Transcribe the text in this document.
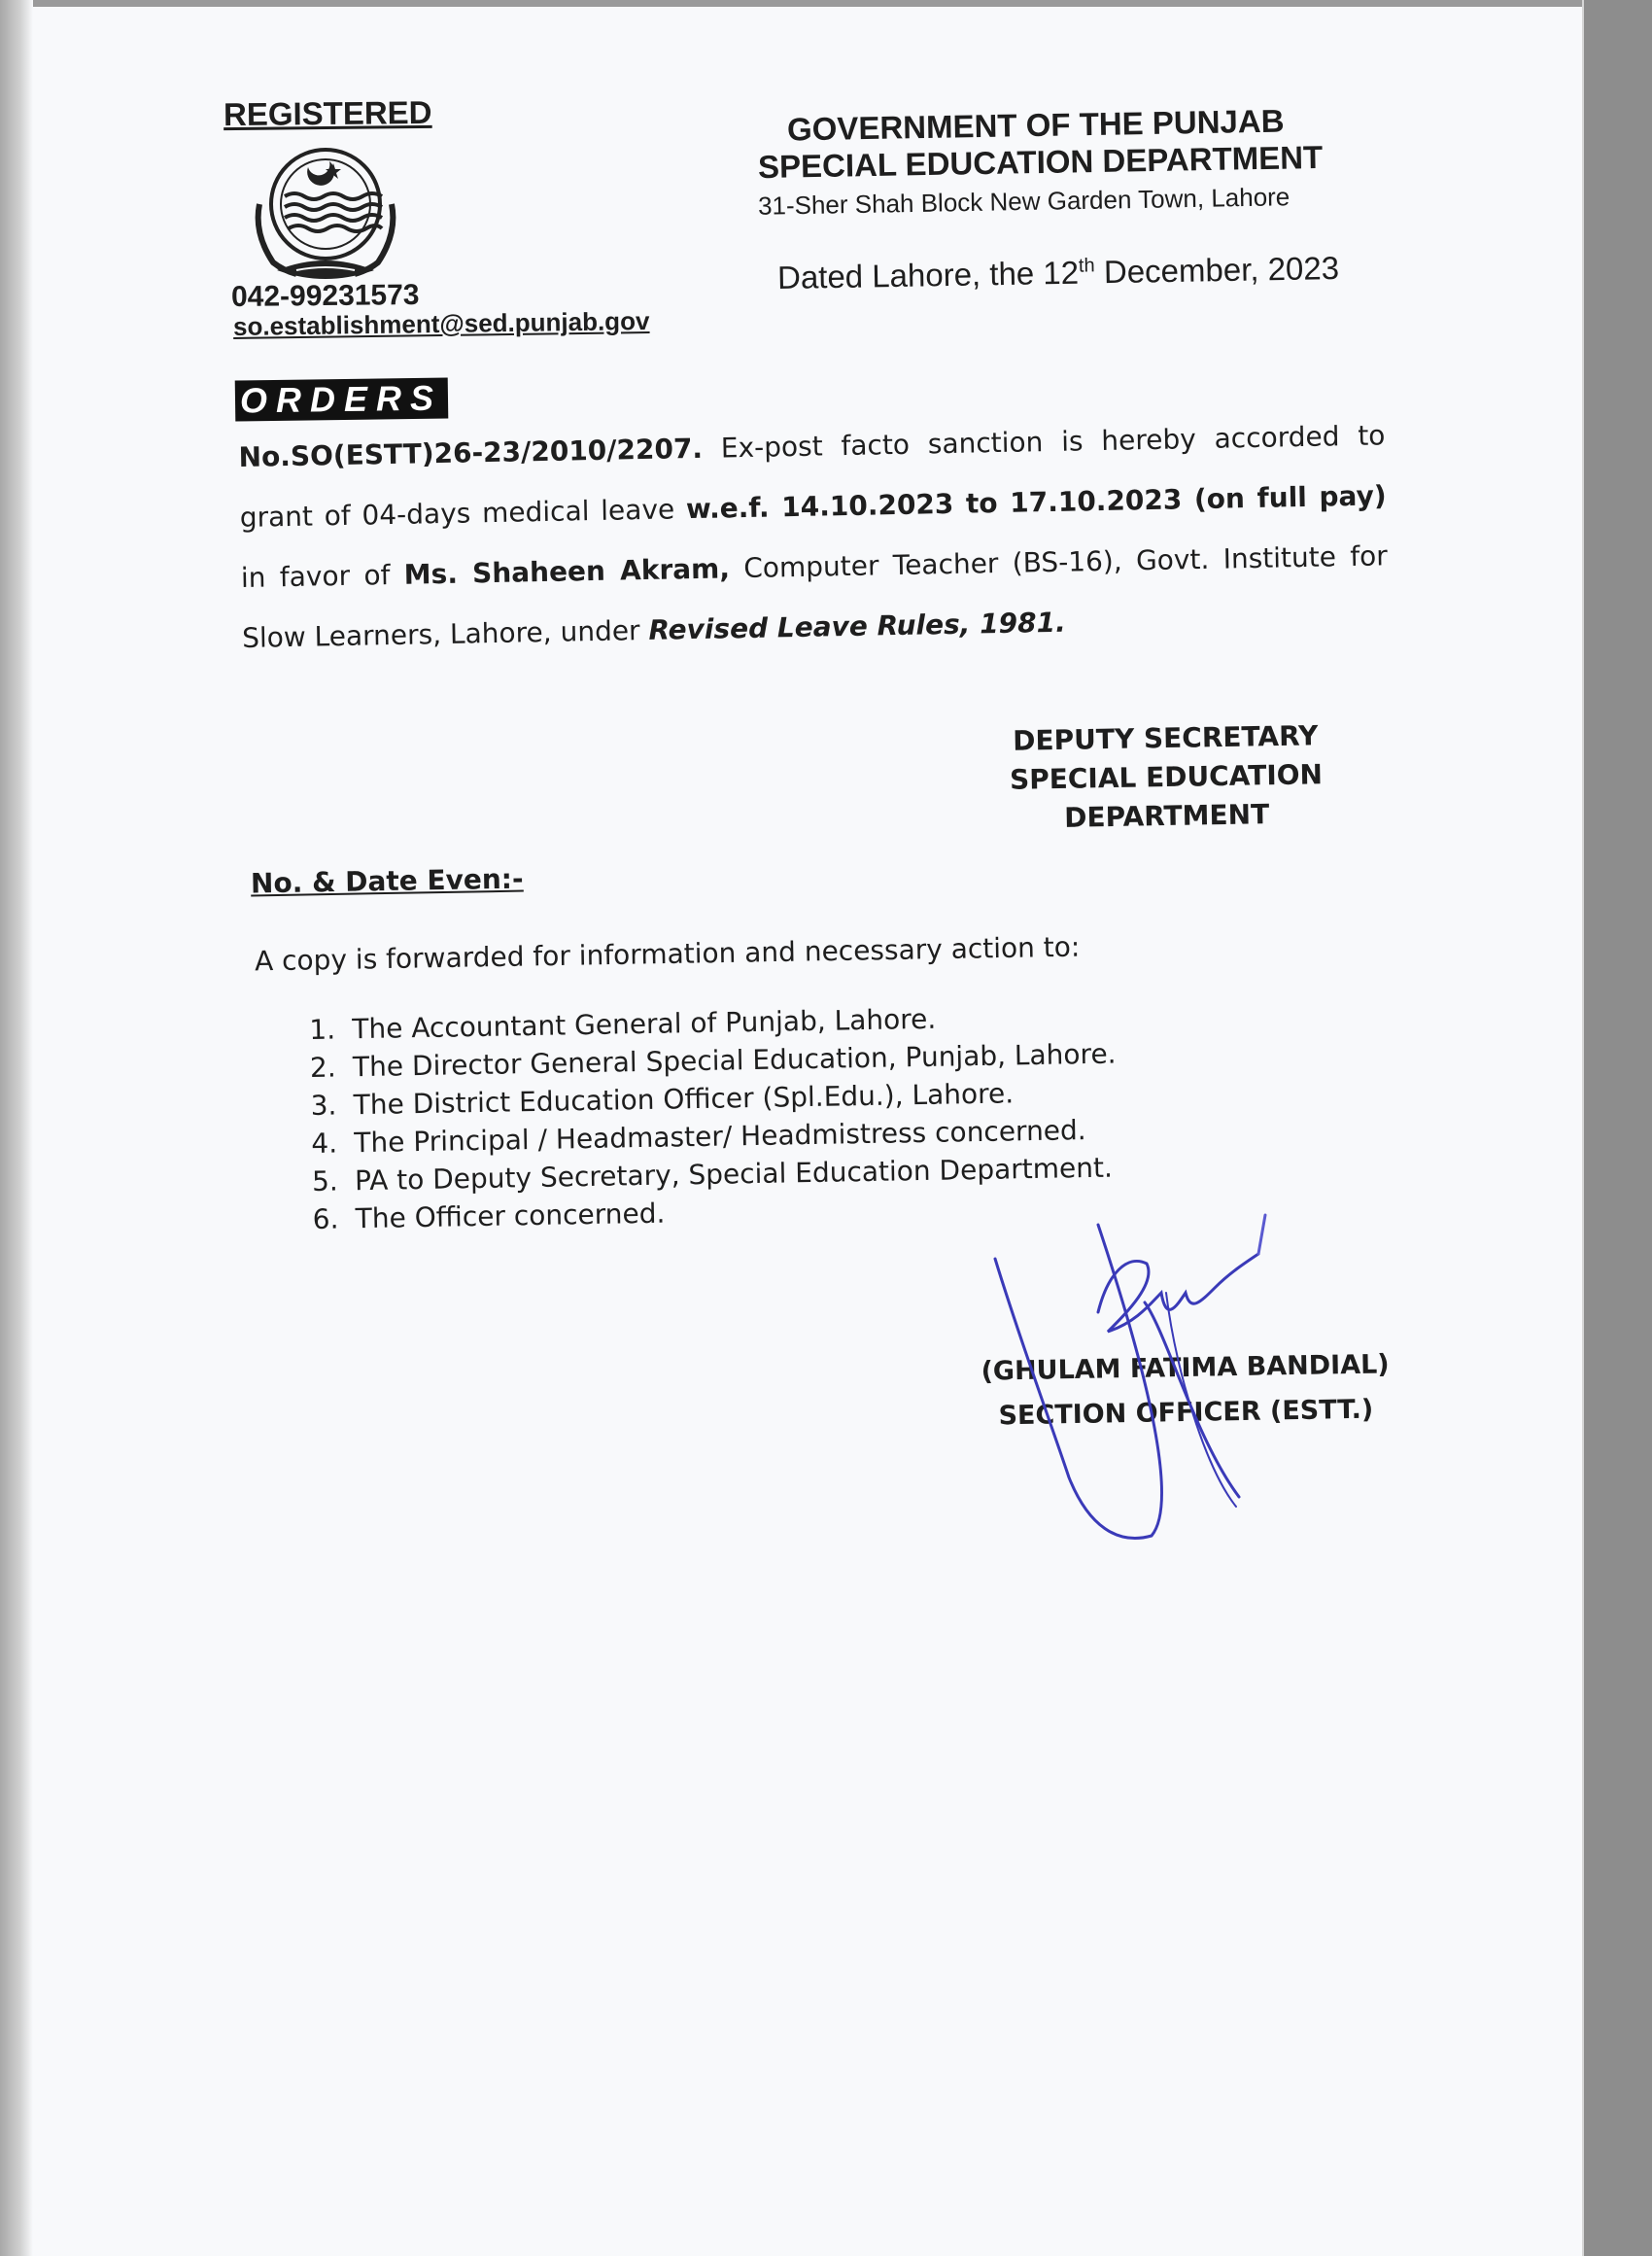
REGISTERED
042-99231573
so.establishment@sed.punjab.gov
GOVERNMENT OF THE PUNJAB
SPECIAL EDUCATION DEPARTMENT
31-Sher Shah Block New Garden Town, Lahore
Dated Lahore, the 12th December, 2023
ORDERS
No.SO(ESTT)26-23/2010/2207. Ex-post facto sanction is hereby accorded to grant of 04-days medical leave w.e.f. 14.10.2023 to 17.10.2023 (on full pay) in favor of Ms. Shaheen Akram, Computer Teacher (BS-16), Govt. Institute for Slow Learners, Lahore, under Revised Leave Rules, 1981.
DEPUTY SECRETARY
SPECIAL EDUCATION
DEPARTMENT
No. & Date Even:-
A copy is forwarded for information and necessary action to:
1. The Accountant General of Punjab, Lahore.
2. The Director General Special Education, Punjab, Lahore.
3. The District Education Officer (Spl.Edu.), Lahore.
4. The Principal / Headmaster/ Headmistress concerned.
5. PA to Deputy Secretary, Special Education Department.
6. The Officer concerned.
(GHULAM FATIMA BANDIAL)
SECTION OFFICER (ESTT.)
